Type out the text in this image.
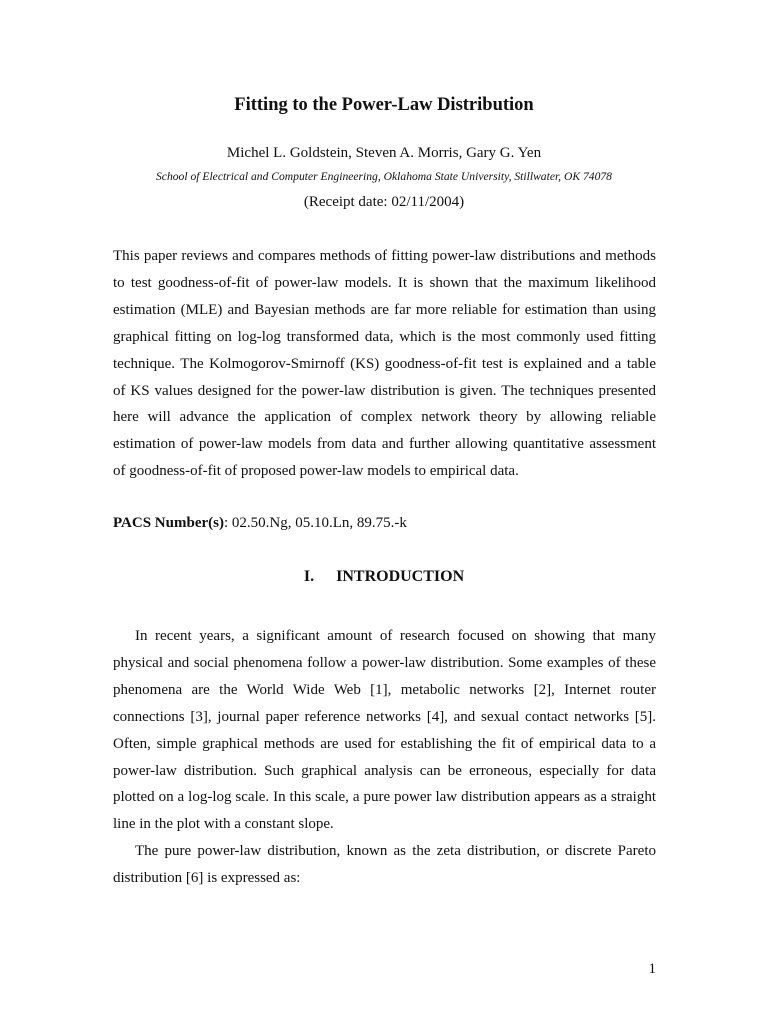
Fitting to the Power-Law Distribution
Michel L. Goldstein, Steven A. Morris, Gary G. Yen
School of Electrical and Computer Engineering, Oklahoma State University, Stillwater, OK 74078
(Receipt date: 02/11/2004)
This paper reviews and compares methods of fitting power-law distributions and methods
to test goodness-of-fit of power-law models. It is shown that the maximum likelihood
estimation (MLE) and Bayesian methods are far more reliable for estimation than using
graphical fitting on log-log transformed data, which is the most commonly used fitting
technique. The Kolmogorov-Smirnoff (KS) goodness-of-fit test is explained and a table
of KS values designed for the power-law distribution is given. The techniques presented
here will advance the application of complex network theory by allowing reliable
estimation of power-law models from data and further allowing quantitative assessment
of goodness-of-fit of proposed power-law models to empirical data.
PACS Number(s): 02.50.Ng, 05.10.Ln, 89.75.-k
I. INTRODUCTION
In recent years, a significant amount of research focused on showing that many
physical and social phenomena follow a power-law distribution. Some examples of these
phenomena are the World Wide Web [1], metabolic networks [2], Internet router
connections [3], journal paper reference networks [4], and sexual contact networks [5].
Often, simple graphical methods are used for establishing the fit of empirical data to a
power-law distribution. Such graphical analysis can be erroneous, especially for data
plotted on a log-log scale. In this scale, a pure power law distribution appears as a straight
line in the plot with a constant slope.
The pure power-law distribution, known as the zeta distribution, or discrete Pareto
distribution [6] is expressed as:
1
